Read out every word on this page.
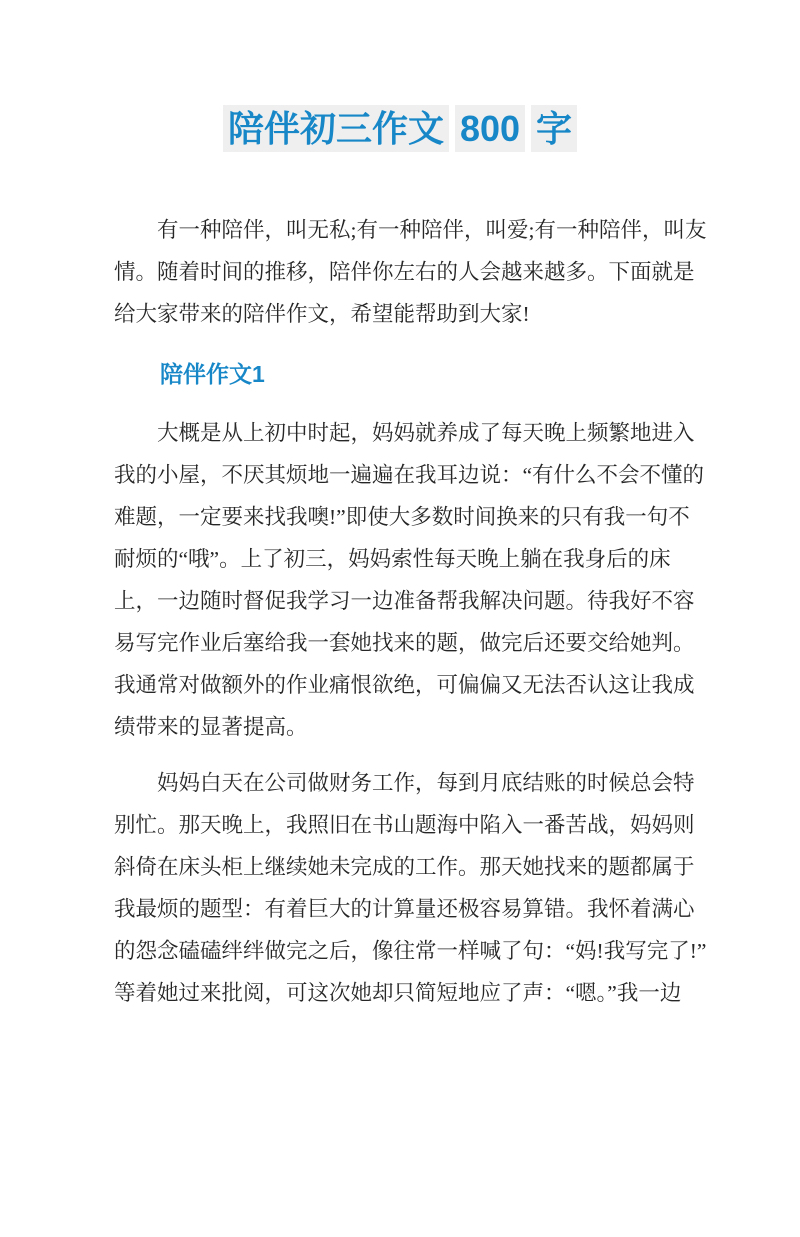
陪伴初三作文 800 字

有一种陪伴，叫无私;有一种陪伴，叫爱;有一种陪伴，叫友情。随着时间的推移，陪伴你左右的人会越来越多。下面就是给大家带来的陪伴作文，希望能帮助到大家!

陪伴作文1

大概是从上初中时起，妈妈就养成了每天晚上频繁地进入我的小屋，不厌其烦地一遍遍在我耳边说：“有什么不会不懂的难题，一定要来找我噢!”即使大多数时间换来的只有我一句不耐烦的“哦”。上了初三，妈妈索性每天晚上躺在我身后的床上，一边随时督促我学习一边准备帮我解决问题。待我好不容易写完作业后塞给我一套她找来的题，做完后还要交给她判。我通常对做额外的作业痛恨欲绝，可偏偏又无法否认这让我成绩带来的显著提高。

妈妈白天在公司做财务工作，每到月底结账的时候总会特别忙。那天晚上，我照旧在书山题海中陷入一番苦战，妈妈则斜倚在床头柜上继续她未完成的工作。那天她找来的题都属于我最烦的题型：有着巨大的计算量还极容易算错。我怀着满心的怨念磕磕绊绊做完之后，像往常一样喊了句：“妈!我写完了!”等着她过来批阅，可这次她却只简短地应了声：“嗯。”我一边
